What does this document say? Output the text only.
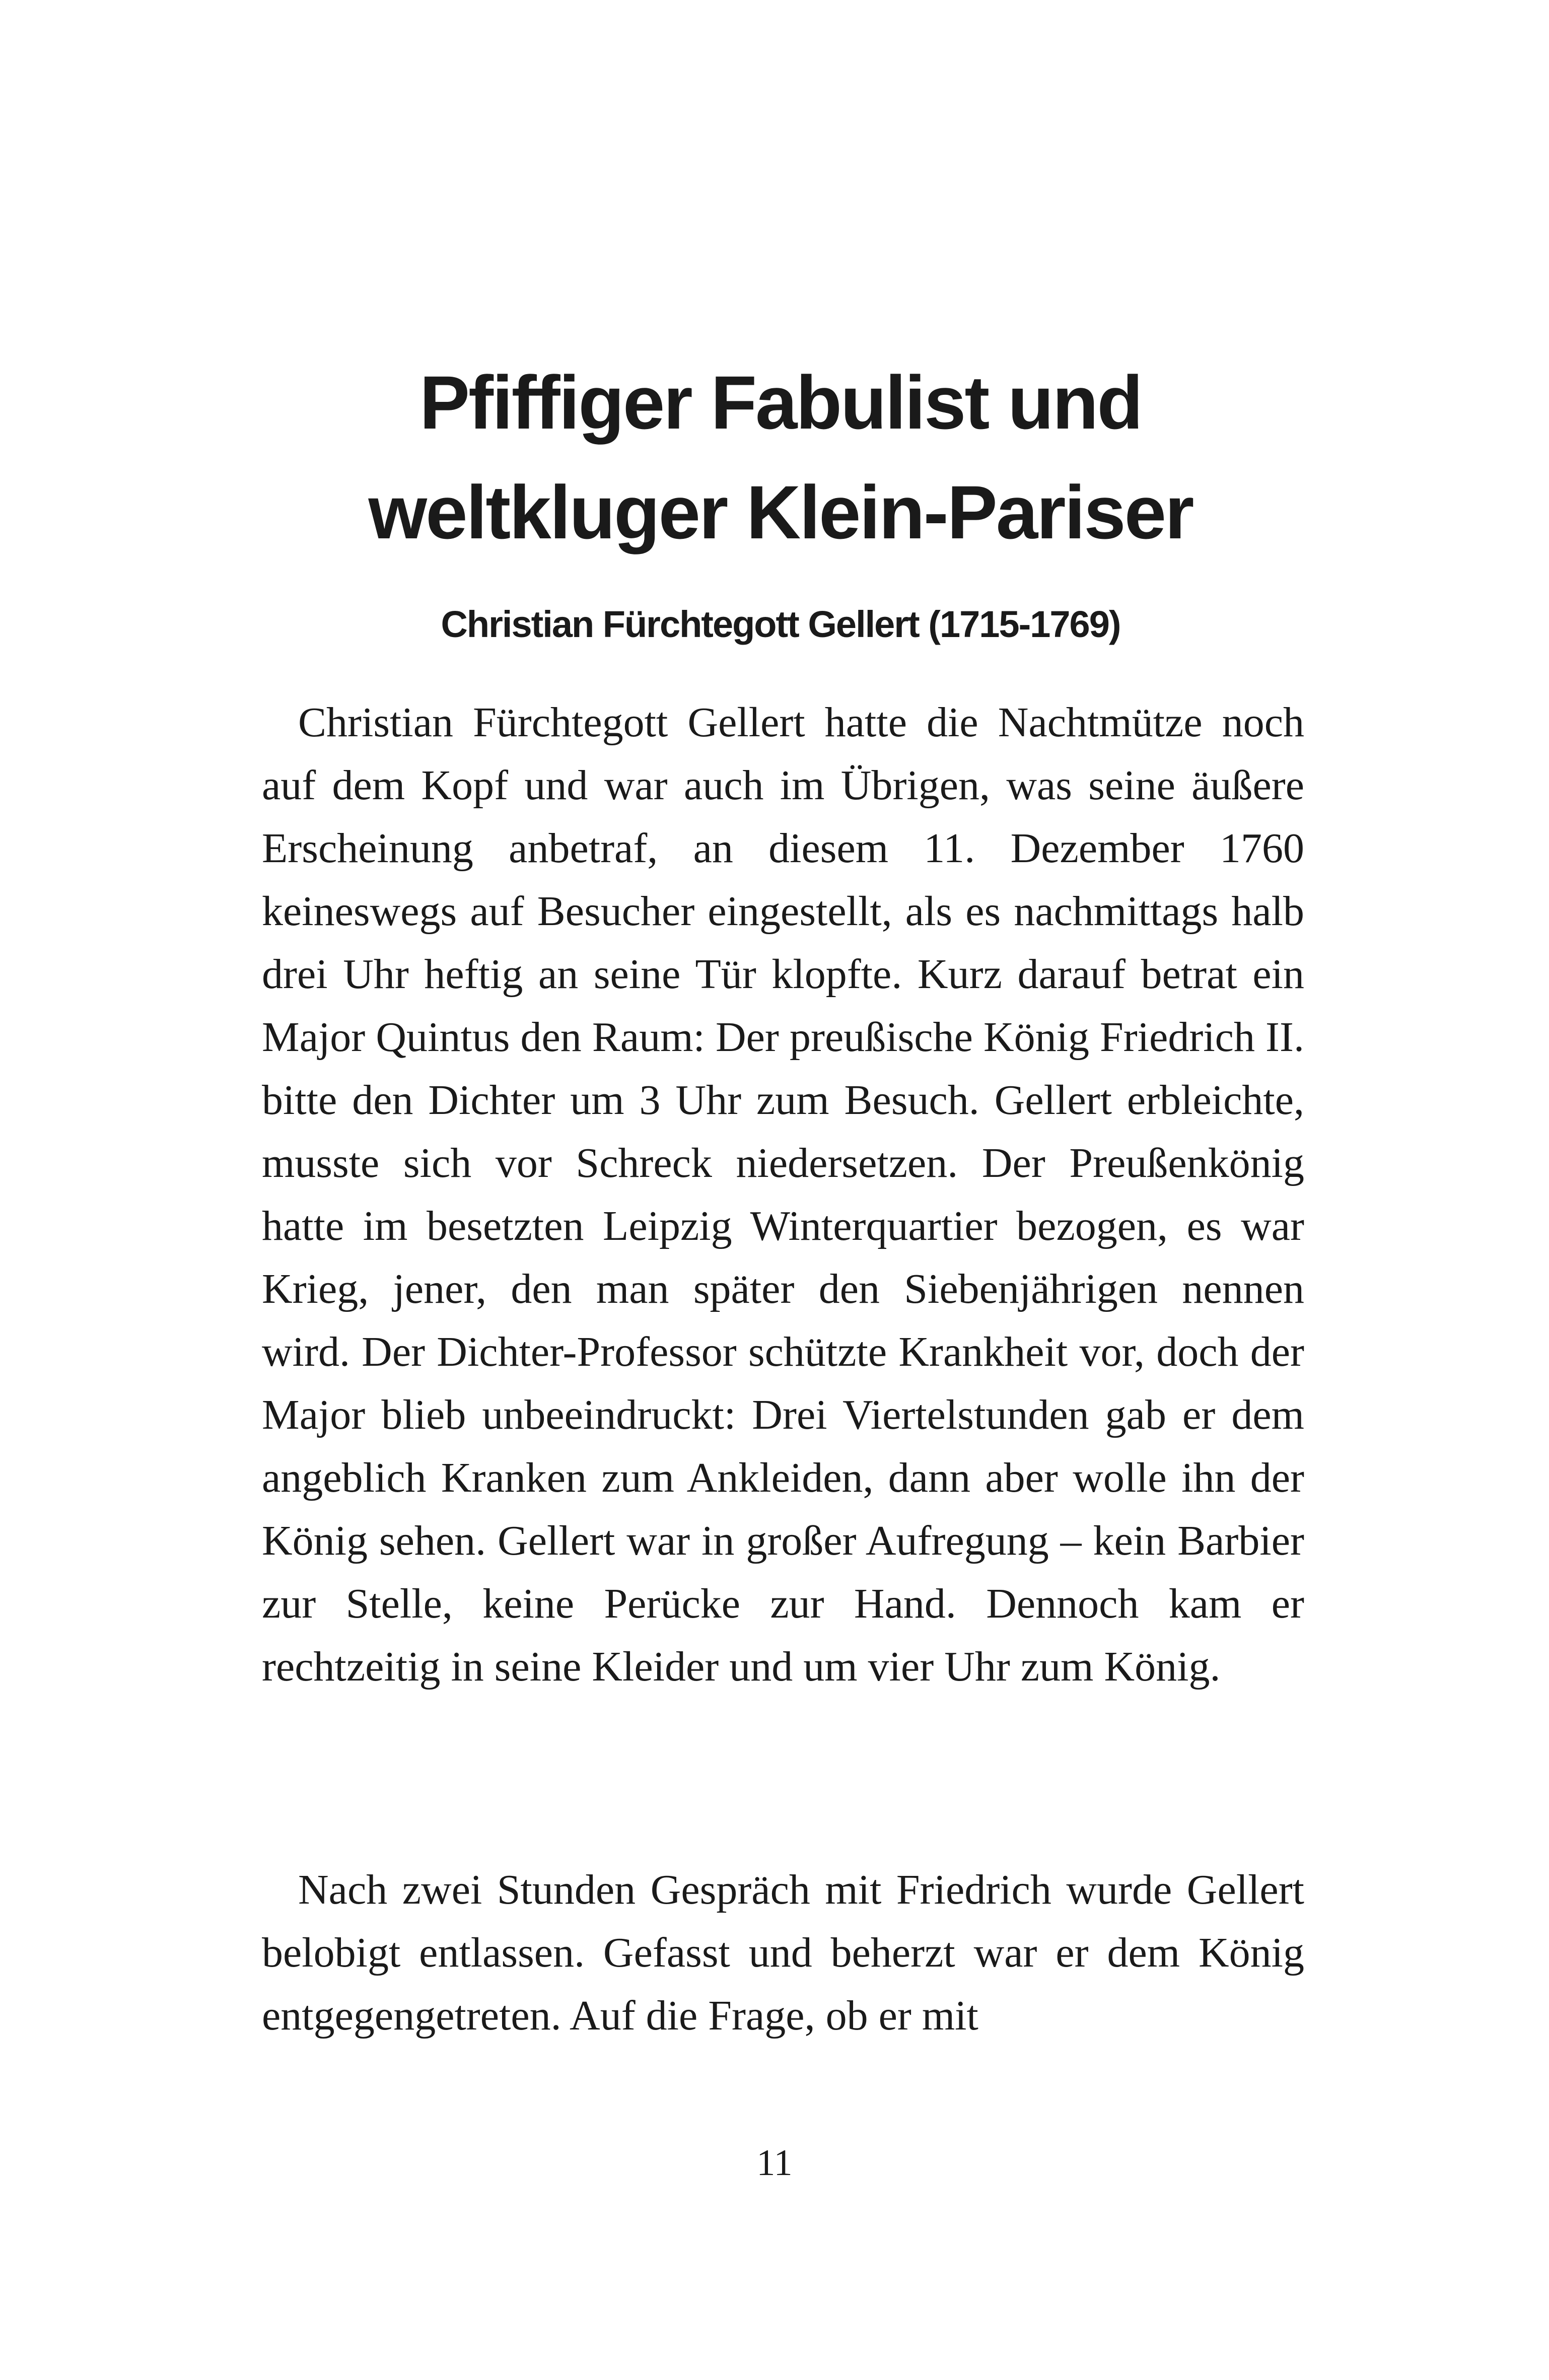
Pfiffiger Fabulist und
weltkluger Klein-Pariser
Christian Fürchtegott Gellert (1715-1769)

Christian Fürchtegott Gellert hatte die Nachtmütze noch auf dem Kopf und war auch im Übrigen, was seine äußere Erscheinung anbetraf, an diesem 11. Dezember 1760 keineswegs auf Besucher eingestellt, als es nachmittags halb drei Uhr heftig an seine Tür klopfte. Kurz darauf betrat ein Major Quintus den Raum: Der preußische König Friedrich II. bitte den Dichter um 3 Uhr zum Besuch. Gellert erbleichte, musste sich vor Schreck niedersetzen. Der Preußenkönig hatte im besetzten Leipzig Winterquartier bezogen, es war Krieg, jener, den man später den Siebenjährigen nennen wird. Der Dichter-Professor schützte Krankheit vor, doch der Major blieb unbeeindruckt: Drei Viertelstunden gab er dem angeblich Kranken zum Ankleiden, dann aber wolle ihn der König sehen. Gellert war in großer Aufregung – kein Barbier zur Stelle, keine Perücke zur Hand. Dennoch kam er rechtzeitig in seine Kleider und um vier Uhr zum König.

Nach zwei Stunden Gespräch mit Friedrich wurde Gellert belobigt entlassen. Gefasst und beherzt war er dem König entgegengetreten. Auf die Frage, ob er mit

11
